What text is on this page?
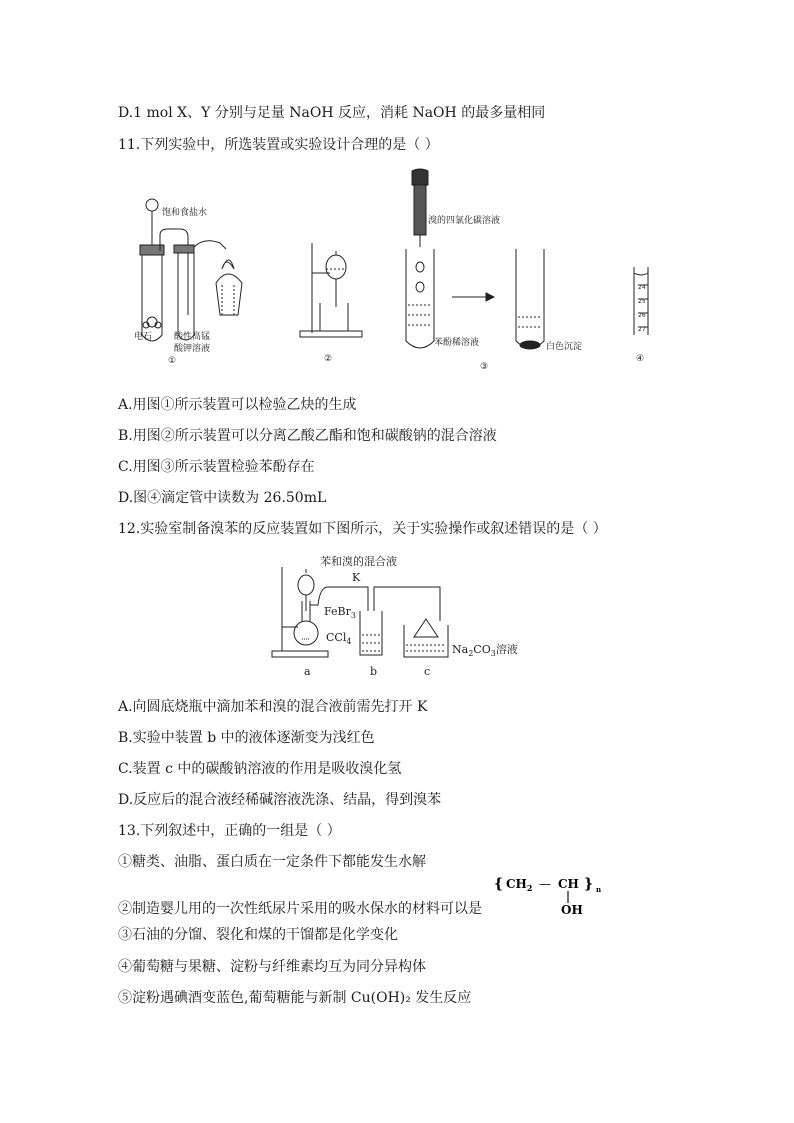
D.1 mol X、Y 分别与足量 NaOH 反应，消耗 NaOH 的最多量相同
11.下列实验中，所选装置或实验设计合理的是（ ）
饱和食盐水
电石 酸性高锰
酸钾溶液
①	②
溴的四氯化碳溶液
苯酚稀溶液	白色沉淀
③
24
25
26
27
④
A.用图①所示装置可以检验乙炔的生成
B.用图②所示装置可以分离乙酸乙酯和饱和碳酸钠的混合溶液
C.用图③所示装置检验苯酚存在
D.图④滴定管中读数为 26.50mL
12.实验室制备溴苯的反应装置如下图所示，关于实验操作或叙述错误的是（ ）
苯和溴的混合液
K
FeBr$_3$
CCl$_4$
$Na_2CO_3$溶液
a	b	c
A.向圆底烧瓶中滴加苯和溴的混合液前需先打开 K
B.实验中装置 b 中的液体逐渐变为浅红色
C.装置 c 中的碳酸钠溶液的作用是吸收溴化氢
D.反应后的混合液经稀碱溶液洗涤、结晶，得到溴苯
13.下列叙述中，正确的一组是（ ）
①糖类、油脂、蛋白质在一定条件下都能发生水解
{ $CH_2$ — CH } n
OH
②制造婴儿用的一次性纸尿片采用的吸水保水的材料可以是
③石油的分馏、裂化和煤的干馏都是化学变化
④葡萄糖与果糖、淀粉与纤维素均互为同分异构体
⑤淀粉遇碘酒变蓝色,葡萄糖能与新制 Cu(OH)₂ 发生反应
